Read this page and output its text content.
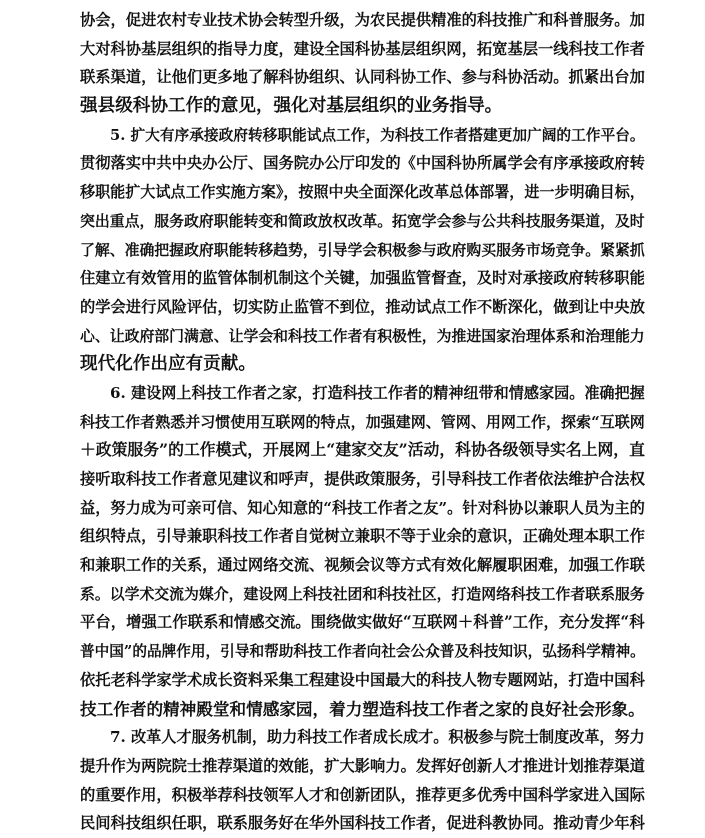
协会，促进农村专业技术协会转型升级，为农民提供精准的科技推广和科普服务。加
大对科协基层组织的指导力度，建设全国科协基层组织网，拓宽基层一线科技工作者
联系渠道，让他们更多地了解科协组织、认同科协工作、参与科协活动。抓紧出台加
强县级科协工作的意见，强化对基层组织的业务指导。
5. 扩大有序承接政府转移职能试点工作，为科技工作者搭建更加广阔的工作平台。
贯彻落实中共中央办公厅、国务院办公厅印发的《中国科协所属学会有序承接政府转
移职能扩大试点工作实施方案》，按照中央全面深化改革总体部署，进一步明确目标，
突出重点，服务政府职能转变和简政放权改革。拓宽学会参与公共科技服务渠道，及时
了解、准确把握政府职能转移趋势，引导学会积极参与政府购买服务市场竞争。紧紧抓
住建立有效管用的监管体制机制这个关键，加强监管督查，及时对承接政府转移职能
的学会进行风险评估，切实防止监管不到位，推动试点工作不断深化，做到让中央放
心、让政府部门满意、让学会和科技工作者有积极性，为推进国家治理体系和治理能力
现代化作出应有贡献。
6. 建设网上科技工作者之家，打造科技工作者的精神纽带和情感家园。准确把握
科技工作者熟悉并习惯使用互联网的特点，加强建网、管网、用网工作，探索“互联网
＋政策服务”的工作模式，开展网上“建家交友”活动，科协各级领导实名上网，直
接听取科技工作者意见建议和呼声，提供政策服务，引导科技工作者依法维护合法权
益，努力成为可亲可信、知心知意的“科技工作者之友”。针对科协以兼职人员为主的
组织特点，引导兼职科技工作者自觉树立兼职不等于业余的意识，正确处理本职工作
和兼职工作的关系，通过网络交流、视频会议等方式有效化解履职困难，加强工作联
系。以学术交流为媒介，建设网上科技社团和科技社区，打造网络科技工作者联系服务
平台，增强工作联系和情感交流。围绕做实做好“互联网＋科普”工作，充分发挥“科
普中国”的品牌作用，引导和帮助科技工作者向社会公众普及科技知识，弘扬科学精神。
依托老科学家学术成长资料采集工程建设中国最大的科技人物专题网站，打造中国科
技工作者的精神殿堂和情感家园，着力塑造科技工作者之家的良好社会形象。
7. 改革人才服务机制，助力科技工作者成长成才。积极参与院士制度改革，努力
提升作为两院院士推荐渠道的效能，扩大影响力。发挥好创新人才推进计划推荐渠道
的重要作用，积极举荐科技领军人才和创新团队，推荐更多优秀中国科学家进入国际
民间科技组织任职，联系服务好在华外国科技工作者，促进科教协同。推动青少年科
